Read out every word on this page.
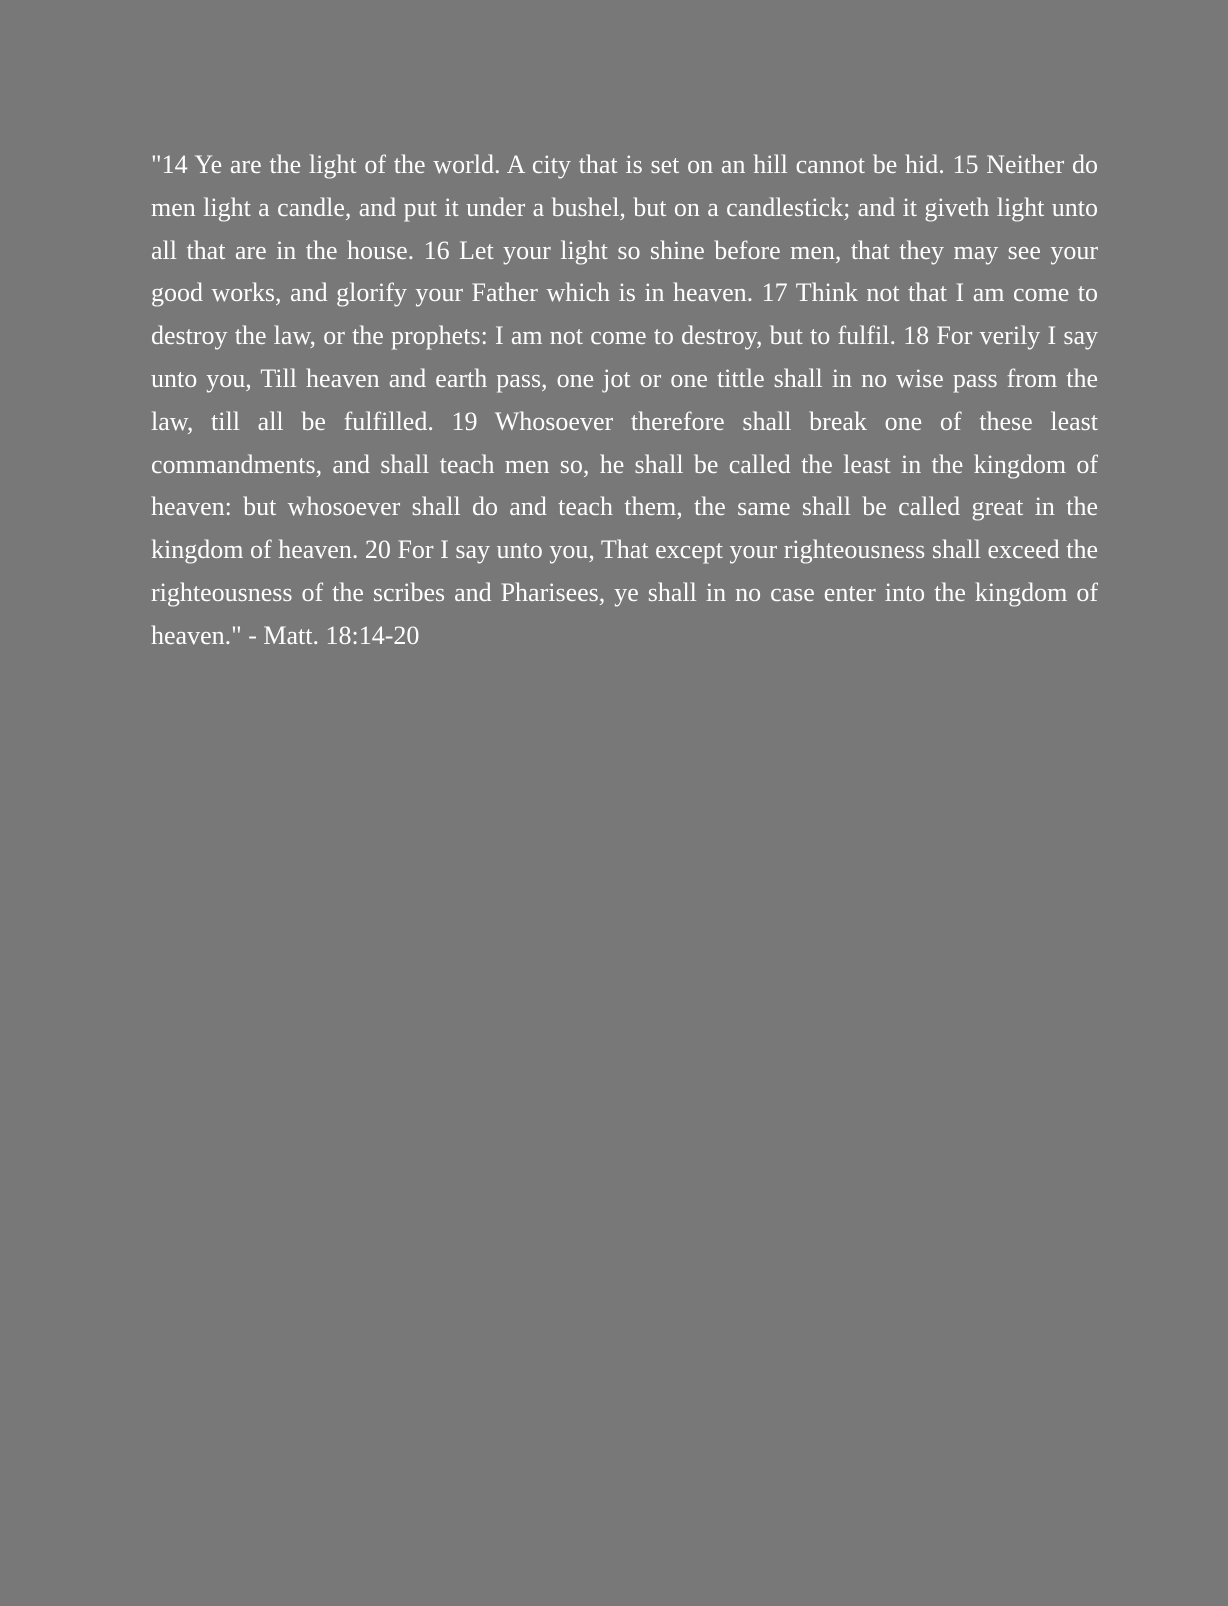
"14 Ye are the light of the world. A city that is set on an hill cannot be hid. 15 Neither do men light a candle, and put it under a bushel, but on a candlestick; and it giveth light unto all that are in the house. 16 Let your light so shine before men, that they may see your good works, and glorify your Father which is in heaven. 17 Think not that I am come to destroy the law, or the prophets: I am not come to destroy, but to fulfil. 18 For verily I say unto you, Till heaven and earth pass, one jot or one tittle shall in no wise pass from the law, till all be fulfilled. 19 Whosoever therefore shall break one of these least commandments, and shall teach men so, he shall be called the least in the kingdom of heaven: but whosoever shall do and teach them, the same shall be called great in the kingdom of heaven. 20 For I say unto you, That except your righteousness shall exceed the righteousness of the scribes and Pharisees, ye shall in no case enter into the kingdom of heaven." - Matt. 18:14-20
